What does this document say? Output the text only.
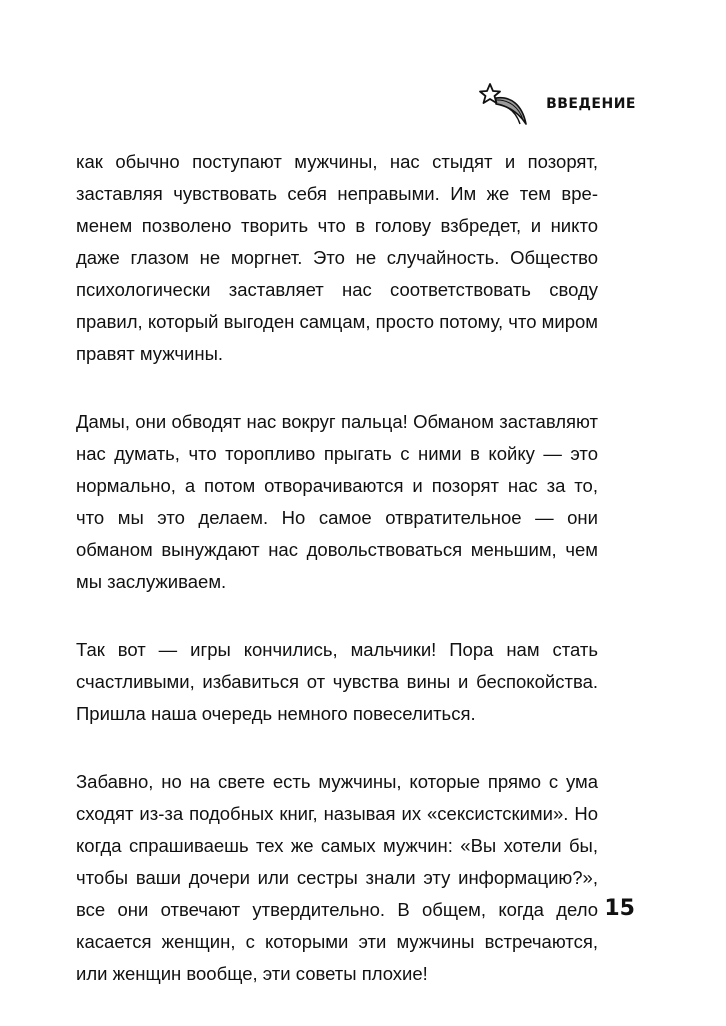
ВВЕДЕНИЕ

как обычно поступают мужчины, нас стыдят и позорят, заставляя чувствовать себя неправыми. Им же тем временем позволено творить что в голову взбредет, и никто даже глазом не моргнет. Это не случайность. Общество психологически заставляет нас соответствовать своду правил, который выгоден самцам, просто потому, что миром правят мужчины.

Дамы, они обводят нас вокруг пальца! Обманом заставляют нас думать, что торопливо прыгать с ними в койку — это нормально, а потом отворачиваются и позорят нас за то, что мы это делаем. Но самое отвратительное — они обманом вынуждают нас довольствоваться меньшим, чем мы заслуживаем.

Так вот — игры кончились, мальчики! Пора нам стать счастливыми, избавиться от чувства вины и беспокойства. Пришла наша очередь немного повеселиться.

Забавно, но на свете есть мужчины, которые прямо с ума сходят из-за подобных книг, называя их «сексистскими». Но когда спрашиваешь тех же самых мужчин: «Вы хотели бы, чтобы ваши дочери или сестры знали эту информацию?», все они отвечают утвердительно. В общем, когда дело касается женщин, с которыми эти мужчины встречаются, или женщин вообще, эти советы плохие!

15
